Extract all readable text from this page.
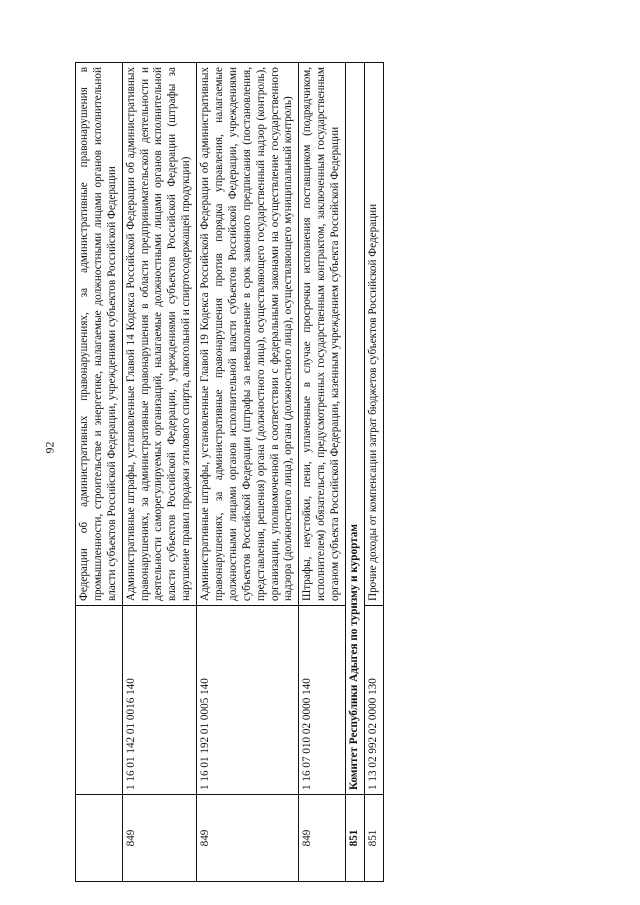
92
		Федерации об административных правонарушениях, за административные правонарушения в промышленности, строительстве и энергетике, налагаемые должностными лицами органов исполнительной власти субъектов Российской Федерации, учреждениями субъектов Российской Федерации
849	1 16 01 142 01 0016 140	Административные штрафы, установленные Главой 14 Кодекса Российской Федерации об административных правонарушениях, за административные правонарушения в области предпринимательской деятельности и деятельности саморегулируемых организаций, налагаемые должностными лицами органов исполнительной власти субъектов Российской Федерации, учреждениями субъектов Российской Федерации (штрафы за нарушение правил продажи этилового спирта, алкогольной и спиртосодержащей продукции)
849	1 16 01 192 01 0005 140	Административные штрафы, установленные Главой 19 Кодекса Российской Федерации об административных правонарушениях, за административные правонарушения против порядка управления, налагаемые должностными лицами органов исполнительной власти субъектов Российской Федерации, учреждениями субъектов Российской Федерации (штрафы за невыполнение в срок законного предписания (постановления, представления, решения) органа (должностного лица), осуществляющего государственный надзор (контроль), организации, уполномоченной в соответствии с федеральными законами на осуществление государственного надзора (должностного лица), органа (должностного лица), осуществляющего муниципальный контроль)
849	1 16 07 010 02 0000 140	Штрафы, неустойки, пени, уплаченные в случае просрочки исполнения поставщиком (подрядчиком, исполнителем) обязательств, предусмотренных государственным контрактом, заключенным государственным органом субъекта Российской Федерации, казенным учреждением субъекта Российской Федерации
851	Комитет Республики Адыгея по туризму и курортам	
851	1 13 02 992 02 0000 130	Прочие доходы от компенсации затрат бюджетов субъектов Российской Федерации
